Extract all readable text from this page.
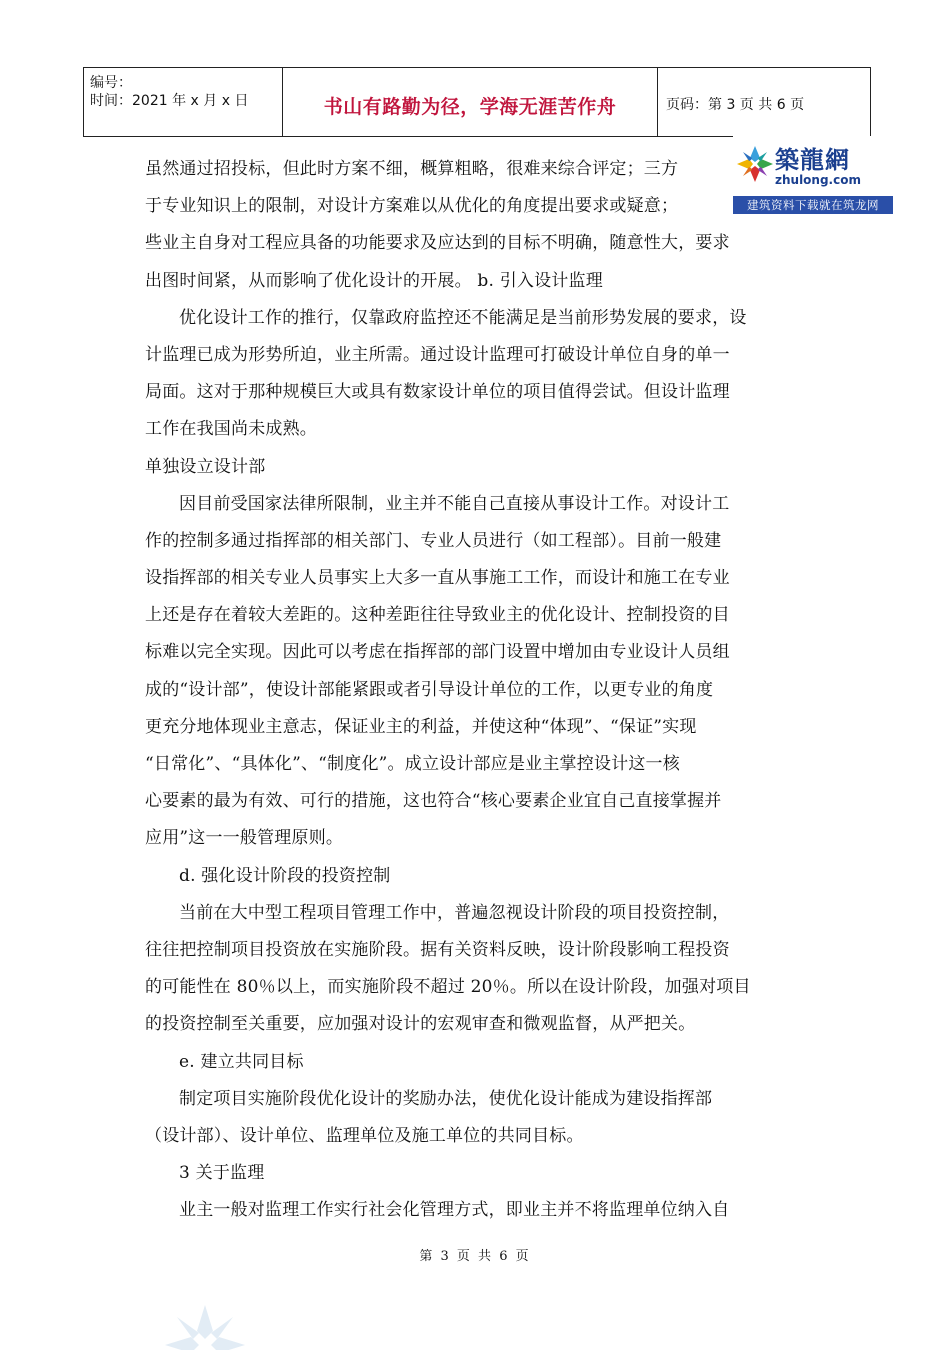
编号：
时间：2021 年 x 月 x 日	书山有路勤为径，学海无涯苦作舟	页码：第 3 页 共 6 页
築龍網
zhulong.com
建筑资料下载就在筑龙网
虽然通过招投标，但此时方案不细，概算粗略，很难来综合评定；三方
于专业知识上的限制，对设计方案难以从优化的角度提出要求或疑意；
些业主自身对工程应具备的功能要求及应达到的目标不明确，随意性大，要求
出图时间紧，从而影响了优化设计的开展。 b. 引入设计监理
优化设计工作的推行，仅靠政府监控还不能满足是当前形势发展的要求，设
计监理已成为形势所迫，业主所需。通过设计监理可打破设计单位自身的单一
局面。这对于那种规模巨大或具有数家设计单位的项目值得尝试。但设计监理
工作在我国尚未成熟。
单独设立设计部
因目前受国家法律所限制，业主并不能自己直接从事设计工作。对设计工
作的控制多通过指挥部的相关部门、专业人员进行（如工程部）。目前一般建
设指挥部的相关专业人员事实上大多一直从事施工工作，而设计和施工在专业
上还是存在着较大差距的。这种差距往往导致业主的优化设计、控制投资的目
标难以完全实现。因此可以考虑在指挥部的部门设置中增加由专业设计人员组
成的“设计部”，使设计部能紧跟或者引导设计单位的工作，以更专业的角度
更充分地体现业主意志，保证业主的利益，并使这种“体现”、“保证”实现
“日常化”、“具体化”、“制度化”。成立设计部应是业主掌控设计这一核
心要素的最为有效、可行的措施，这也符合“核心要素企业宜自己直接掌握并
应用”这一一般管理原则。
d. 强化设计阶段的投资控制
当前在大中型工程项目管理工作中，普遍忽视设计阶段的项目投资控制，
往往把控制项目投资放在实施阶段。据有关资料反映，设计阶段影响工程投资
的可能性在 80％以上，而实施阶段不超过 20％。所以在设计阶段，加强对项目
的投资控制至关重要，应加强对设计的宏观审查和微观监督，从严把关。
e. 建立共同目标
制定项目实施阶段优化设计的奖励办法，使优化设计能成为建设指挥部
（设计部）、设计单位、监理单位及施工单位的共同目标。
3 关于监理
业主一般对监理工作实行社会化管理方式，即业主并不将监理单位纳入自
第 3 页 共 6 页
